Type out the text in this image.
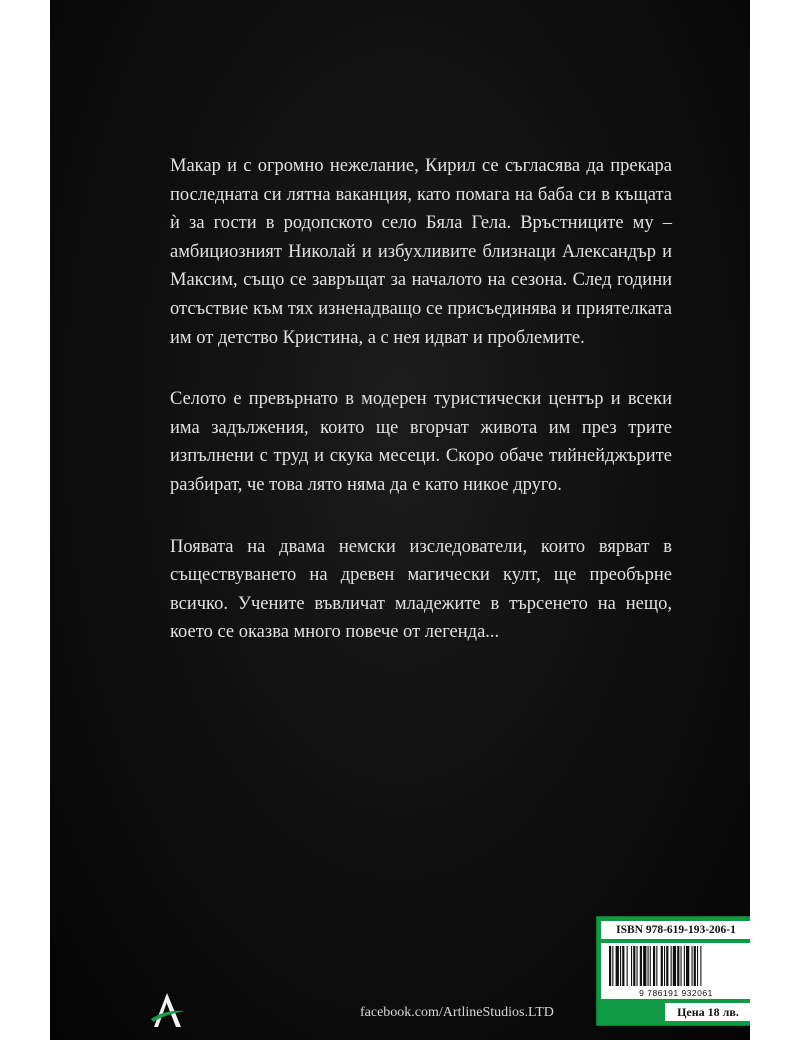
Макар и с огромно нежелание, Кирил се съгласява да прекара последната си лятна ваканция, като помага на баба си в къщата ѝ за гости в родопското село Бяла Гела. Връстниците му – амбициозният Николай и избухливите близнаци Александър и Максим, също се завръщат за началото на сезона. След години отсъствие към тях изненадващо се присъединява и приятелката им от детство Кристина, а с нея идват и проблемите.

Селото е превърнато в модерен туристически център и всеки има задължения, които ще вгорчат живота им през трите изпълнени с труд и скука месеци. Скоро обаче тийнейджърите разбират, че това лято няма да е като никое друго.

Появата на двама немски изследователи, които вярват в съществуването на древен магически култ, ще преобърне всичко. Учените въвличат младежите в търсенето на нещо, което се оказва много повече от легенда...

facebook.com/ArtlineStudios.LTD
ISBN 978-619-193-206-1
9 786191 932061
Цена 18 лв.
